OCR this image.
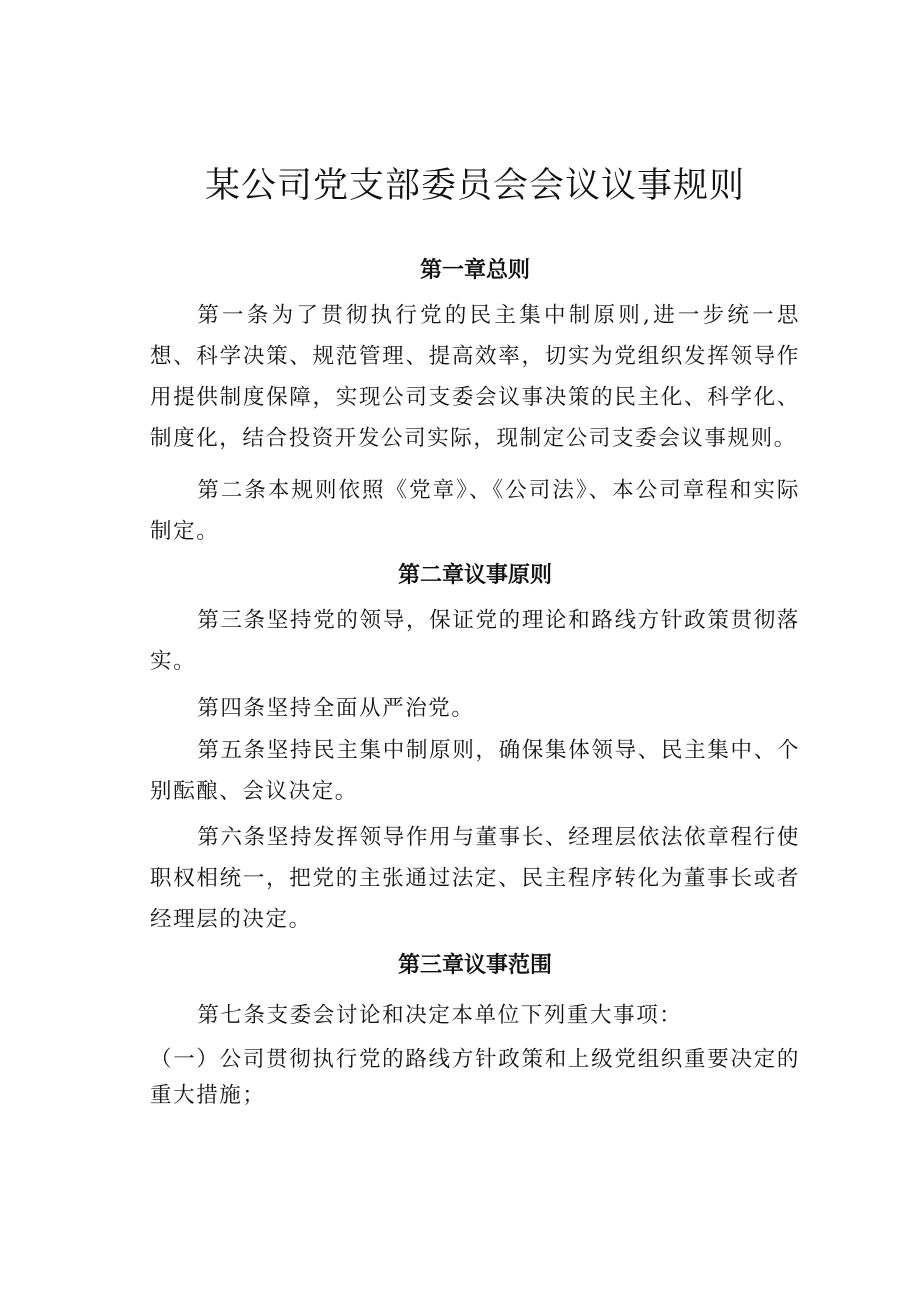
某公司党支部委员会会议议事规则
第一章总则

第一条为了贯彻执行党的民主集中制原则,进一步统一思想、科学决策、规范管理、提高效率，切实为党组织发挥领导作用提供制度保障，实现公司支委会议事决策的民主化、科学化、制度化，结合投资开发公司实际，现制定公司支委会议事规则。

第二条本规则依照《党章》、《公司法》、本公司章程和实际制定。

第二章议事原则

第三条坚持党的领导，保证党的理论和路线方针政策贯彻落实。

第四条坚持全面从严治党。

第五条坚持民主集中制原则，确保集体领导、民主集中、个别酝酿、会议决定。

第六条坚持发挥领导作用与董事长、经理层依法依章程行使职权相统一，把党的主张通过法定、民主程序转化为董事长或者经理层的决定。

第三章议事范围

第七条支委会讨论和决定本单位下列重大事项：

（一）公司贯彻执行党的路线方针政策和上级党组织重要决定的重大措施；
